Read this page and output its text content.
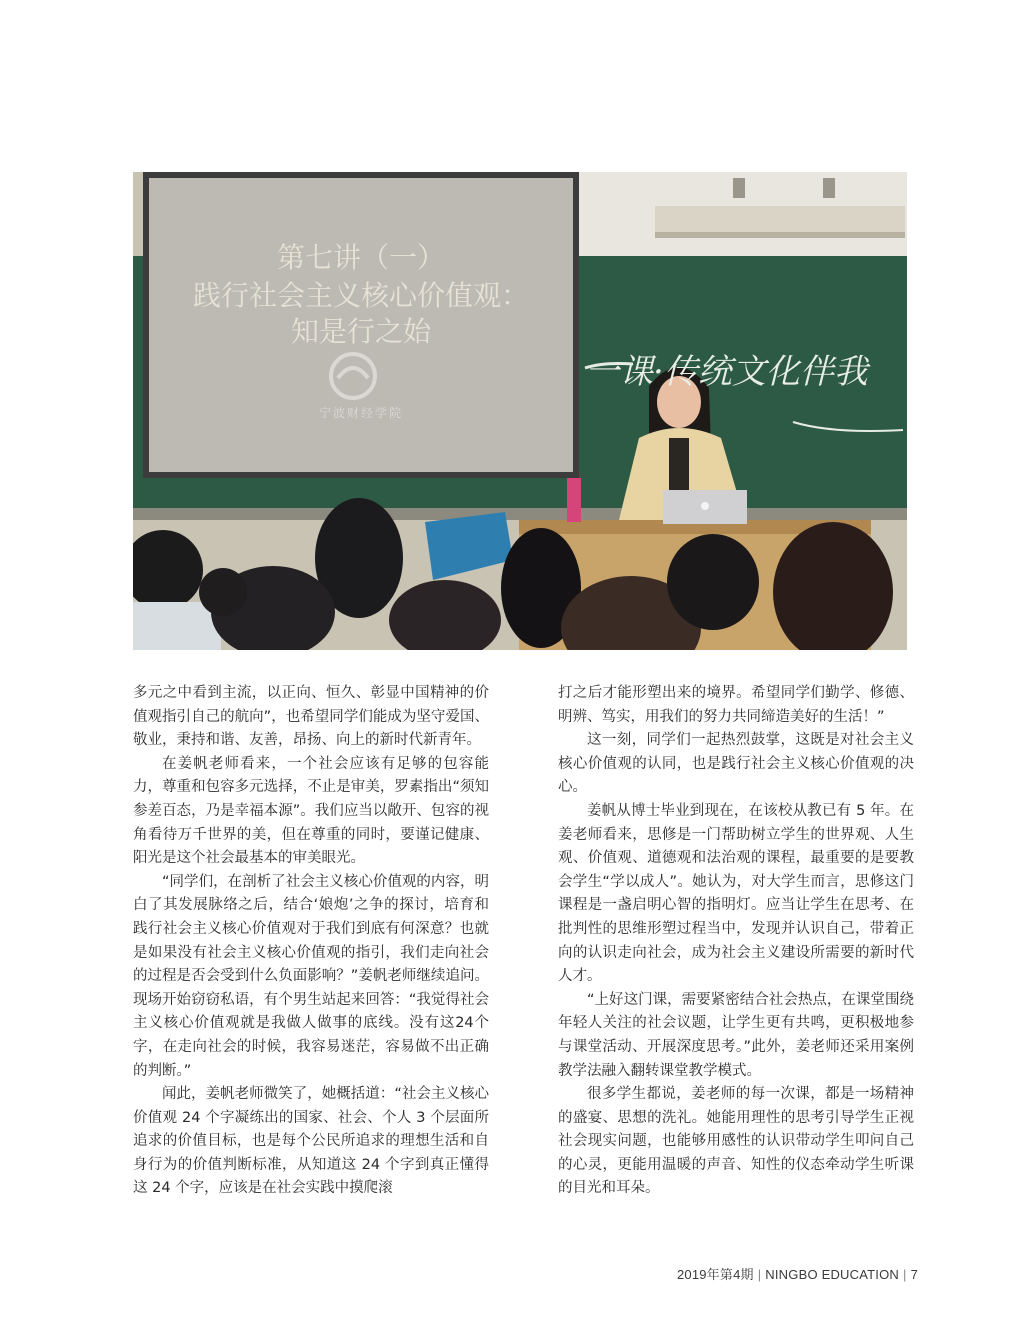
第七讲（一）
践行社会主义核心价值观：
知是行之始
宁波财经学院
一课·传统文化伴我

多元之中看到主流，以正向、恒久、彰显中国精神的价值观指引自己的航向”，也希望同学们能成为坚守爱国、敬业，秉持和谐、友善，昂扬、向上的新时代新青年。

在姜帆老师看来，一个社会应该有足够的包容能力，尊重和包容多元选择，不止是审美，罗素指出“须知参差百态，乃是幸福本源”。我们应当以敞开、包容的视角看待万千世界的美，但在尊重的同时，要谨记健康、阳光是这个社会最基本的审美眼光。

“同学们，在剖析了社会主义核心价值观的内容，明白了其发展脉络之后，结合‘娘炮’之争的探讨，培育和践行社会主义核心价值观对于我们到底有何深意？也就是如果没有社会主义核心价值观的指引，我们走向社会的过程是否会受到什么负面影响？”姜帆老师继续追问。现场开始窃窃私语，有个男生站起来回答：“我觉得社会主义核心价值观就是我做人做事的底线。没有这24个字，在走向社会的时候，我容易迷茫，容易做不出正确的判断。”

闻此，姜帆老师微笑了，她概括道：“社会主义核心价值观 24 个字凝练出的国家、社会、个人 3 个层面所追求的价值目标，也是每个公民所追求的理想生活和自身行为的价值判断标准，从知道这 24 个字到真正懂得这 24 个字，应该是在社会实践中摸爬滚

打之后才能形塑出来的境界。希望同学们勤学、修德、明辨、笃实，用我们的努力共同缔造美好的生活！”

这一刻，同学们一起热烈鼓掌，这既是对社会主义核心价值观的认同，也是践行社会主义核心价值观的决心。

姜帆从博士毕业到现在，在该校从教已有 5 年。在姜老师看来，思修是一门帮助树立学生的世界观、人生观、价值观、道德观和法治观的课程，最重要的是要教会学生“学以成人”。她认为，对大学生而言，思修这门课程是一盏启明心智的指明灯。应当让学生在思考、在批判性的思维形塑过程当中，发现并认识自己，带着正向的认识走向社会，成为社会主义建设所需要的新时代人才。

“上好这门课，需要紧密结合社会热点，在课堂围绕年轻人关注的社会议题，让学生更有共鸣，更积极地参与课堂活动、开展深度思考。”此外，姜老师还采用案例教学法融入翻转课堂教学模式。

很多学生都说，姜老师的每一次课，都是一场精神的盛宴、思想的洗礼。她能用理性的思考引导学生正视社会现实问题，也能够用感性的认识带动学生叩问自己的心灵，更能用温暖的声音、知性的仪态牵动学生听课的目光和耳朵。

2019年第4期 | NINGBO EDUCATION | 7
